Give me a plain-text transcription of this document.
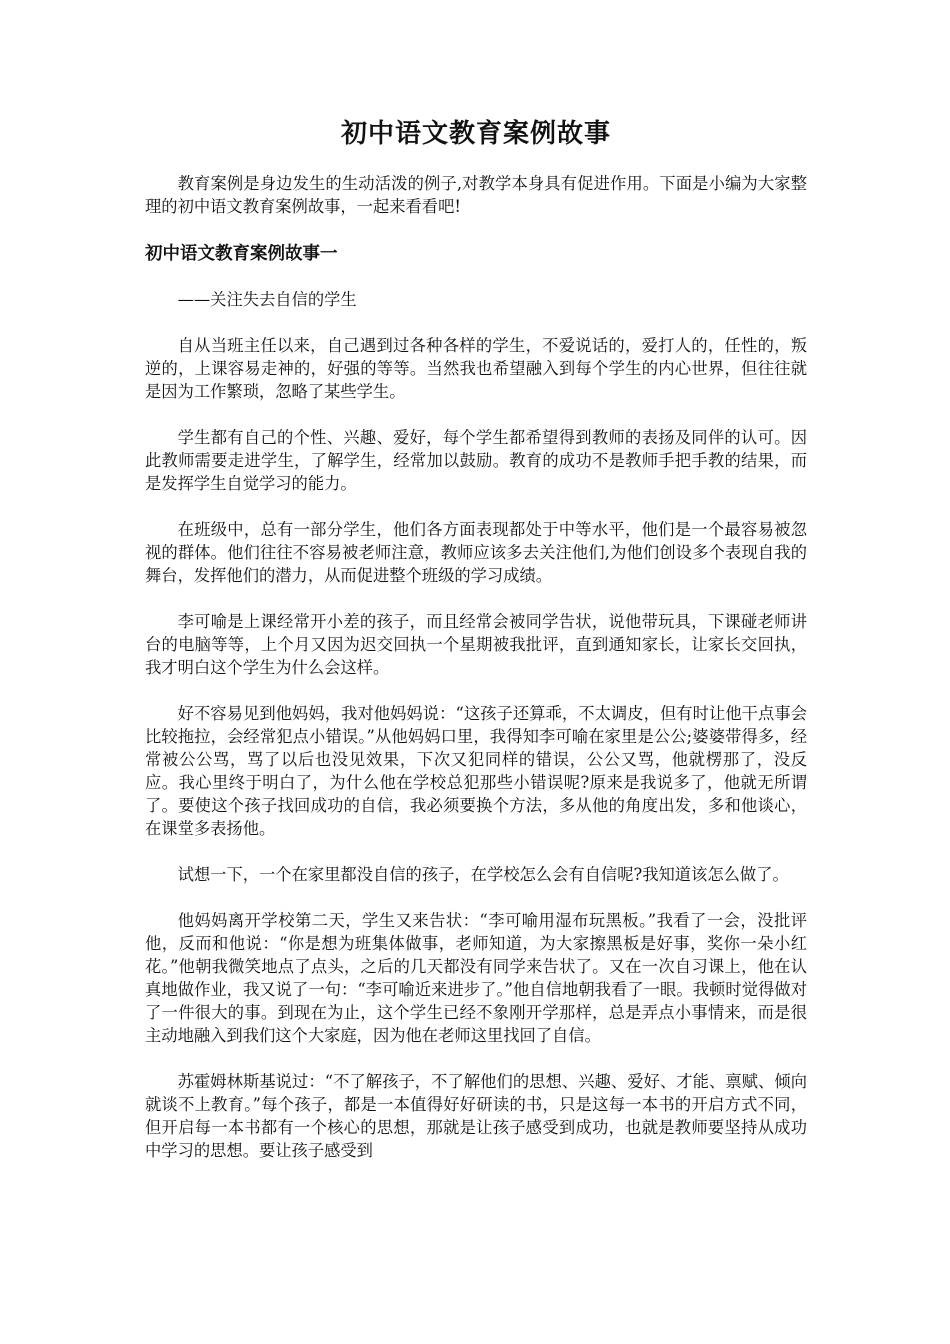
初中语文教育案例故事

教育案例是身边发生的生动活泼的例子,对教学本身具有促进作用。下面是小编为大家整理的初中语文教育案例故事，一起来看看吧!

初中语文教育案例故事一

——关注失去自信的学生

自从当班主任以来，自己遇到过各种各样的学生，不爱说话的，爱打人的，任性的，叛逆的，上课容易走神的，好强的等等。当然我也希望融入到每个学生的内心世界，但往往就是因为工作繁琐，忽略了某些学生。

学生都有自己的个性、兴趣、爱好，每个学生都希望得到教师的表扬及同伴的认可。因此教师需要走进学生，了解学生，经常加以鼓励。教育的成功不是教师手把手教的结果，而是发挥学生自觉学习的能力。

在班级中，总有一部分学生，他们各方面表现都处于中等水平，他们是一个最容易被忽视的群体。他们往往不容易被老师注意，教师应该多去关注他们,为他们创设多个表现自我的舞台，发挥他们的潜力，从而促进整个班级的学习成绩。

李可喻是上课经常开小差的孩子，而且经常会被同学告状，说他带玩具，下课碰老师讲台的电脑等等，上个月又因为迟交回执一个星期被我批评，直到通知家长，让家长交回执，我才明白这个学生为什么会这样。

好不容易见到他妈妈，我对他妈妈说：“这孩子还算乖，不太调皮，但有时让他干点事会比较拖拉，会经常犯点小错误。”从他妈妈口里，我得知李可喻在家里是公公;婆婆带得多，经常被公公骂，骂了以后也没见效果，下次又犯同样的错误，公公又骂，他就楞那了，没反应。我心里终于明白了，为什么他在学校总犯那些小错误呢?原来是我说多了，他就无所谓了。要使这个孩子找回成功的自信，我必须要换个方法，多从他的角度出发，多和他谈心，在课堂多表扬他。

试想一下，一个在家里都没自信的孩子，在学校怎么会有自信呢?我知道该怎么做了。

他妈妈离开学校第二天，学生又来告状：“李可喻用湿布玩黑板。”我看了一会，没批评他，反而和他说：“你是想为班集体做事，老师知道，为大家擦黑板是好事，奖你一朵小红花。”他朝我微笑地点了点头，之后的几天都没有同学来告状了。又在一次自习课上，他在认真地做作业，我又说了一句：“李可喻近来进步了。”他自信地朝我看了一眼。我顿时觉得做对了一件很大的事。到现在为止，这个学生已经不象刚开学那样，总是弄点小事情来，而是很主动地融入到我们这个大家庭，因为他在老师这里找回了自信。

苏霍姆林斯基说过：“不了解孩子，不了解他们的思想、兴趣、爱好、才能、禀赋、倾向就谈不上教育。”每个孩子，都是一本值得好好研读的书，只是这每一本书的开启方式不同，但开启每一本书都有一个核心的思想，那就是让孩子感受到成功，也就是教师要坚持从成功中学习的思想。要让孩子感受到
